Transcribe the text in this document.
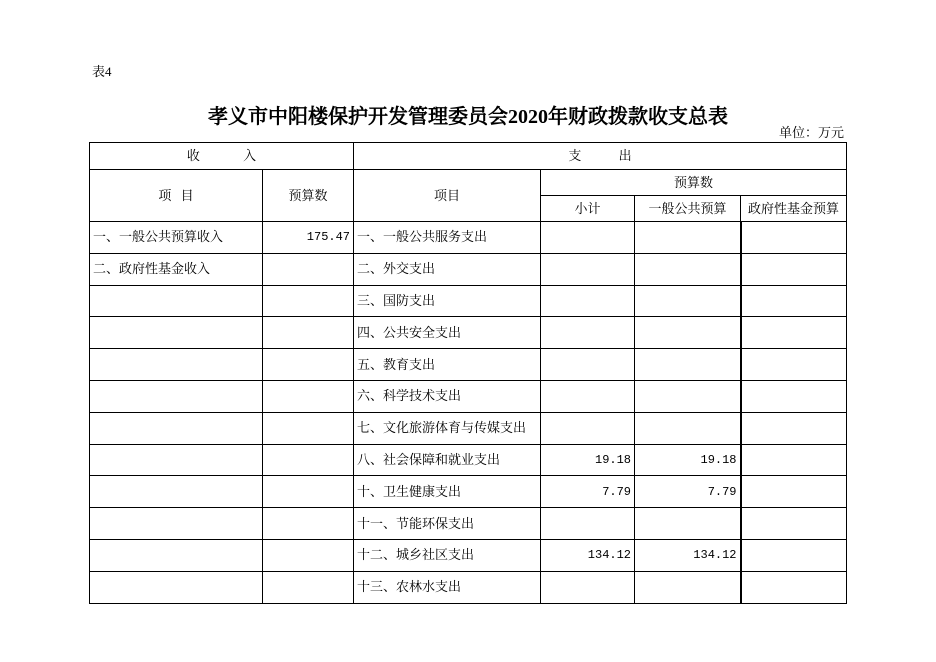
表4
孝义市中阳楼保护开发管理委员会2020年财政拨款收支总表
单位：万元
收 入		支 出			
项 目	预算数	项目	预算数		
			小计	一般公共预算	政府性基金预算
一、一般公共预算收入	175.47	一、一般公共服务支出			
二、政府性基金收入		二、外交支出			
		三、国防支出			
		四、公共安全支出			
		五、教育支出			
		六、科学技术支出			
		七、文化旅游体育与传媒支出			
		八、社会保障和就业支出	19.18	19.18	
		十、卫生健康支出	7.79	7.79	
		十一、节能环保支出			
		十二、城乡社区支出	134.12	134.12	
		十三、农林水支出			
